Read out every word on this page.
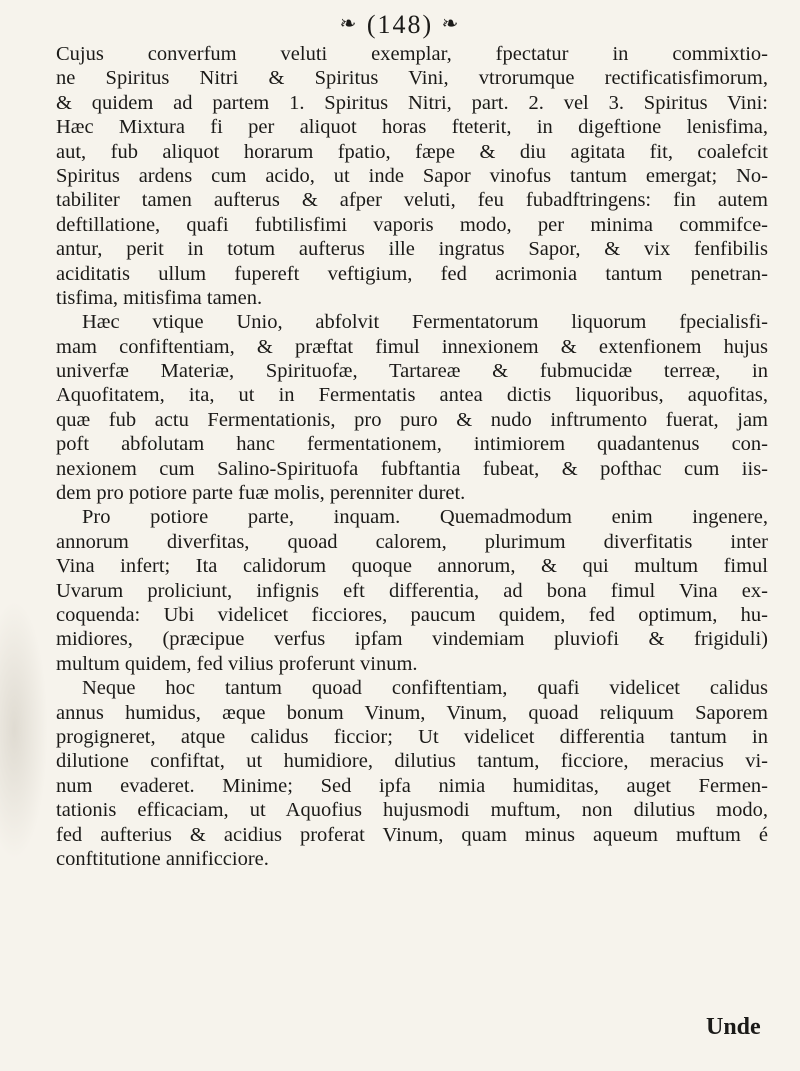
❧ (148) ❧
Cujus converfum veluti exemplar, fpectatur in commixtio-
ne Spiritus Nitri & Spiritus Vini, vtrorumque rectificatisfimorum,
& quidem ad partem 1. Spiritus Nitri, part. 2. vel 3. Spiritus Vini:
Hæc Mixtura fi per aliquot horas fteterit, in digeftione lenisfima,
aut, fub aliquot horarum fpatio, fæpe & diu agitata fit, coalefcit
Spiritus ardens cum acido, ut inde Sapor vinofus tantum emergat; No-
tabiliter tamen aufterus & afper veluti, feu fubadftringens: fin autem
deftillatione, quafi fubtilisfimi vaporis modo, per minima commifce-
antur, perit in totum aufterus ille ingratus Sapor, & vix fenfibilis
aciditatis ullum fupereft veftigium, fed acrimonia tantum penetran-
tisfima, mitisfima tamen.
Hæc vtique Unio, abfolvit Fermentatorum liquorum fpecialisfi-
mam confiftentiam, & præftat fimul innexionem & extenfionem hujus
univerfæ Materiæ, Spirituofæ, Tartareæ & fubmucidæ terreæ, in
Aquofitatem, ita, ut in Fermentatis antea dictis liquoribus, aquofitas,
quæ fub actu Fermentationis, pro puro & nudo inftrumento fuerat, jam
poft abfolutam hanc fermentationem, intimiorem quadantenus con-
nexionem cum Salino-Spirituofa fubftantia fubeat, & pofthac cum iis-
dem pro potiore parte fuæ molis, perenniter duret.
Pro potiore parte, inquam. Quemadmodum enim ingenere,
annorum diverfitas, quoad calorem, plurimum diverfitatis inter
Vina infert; Ita calidorum quoque annorum, & qui multum fimul
Uvarum proliciunt, infignis eft differentia, ad bona fimul Vina ex-
coquenda: Ubi videlicet ficciores, paucum quidem, fed optimum, hu-
midiores, (præcipue verfus ipfam vindemiam pluviofi & frigiduli)
multum quidem, fed vilius proferunt vinum.
Neque hoc tantum quoad confiftentiam, quafi videlicet calidus
annus humidus, æque bonum Vinum, Vinum, quoad reliquum Saporem
progigneret, atque calidus ficcior; Ut videlicet differentia tantum in
dilutione confiftat, ut humidiore, dilutius tantum, ficciore, meracius vi-
num evaderet. Minime; Sed ipfa nimia humiditas, auget Fermen-
tationis efficaciam, ut Aquofius hujusmodi muftum, non dilutius modo,
fed aufterius & acidius proferat Vinum, quam minus aqueum muftum é
conftitutione annificciore.
Unde
